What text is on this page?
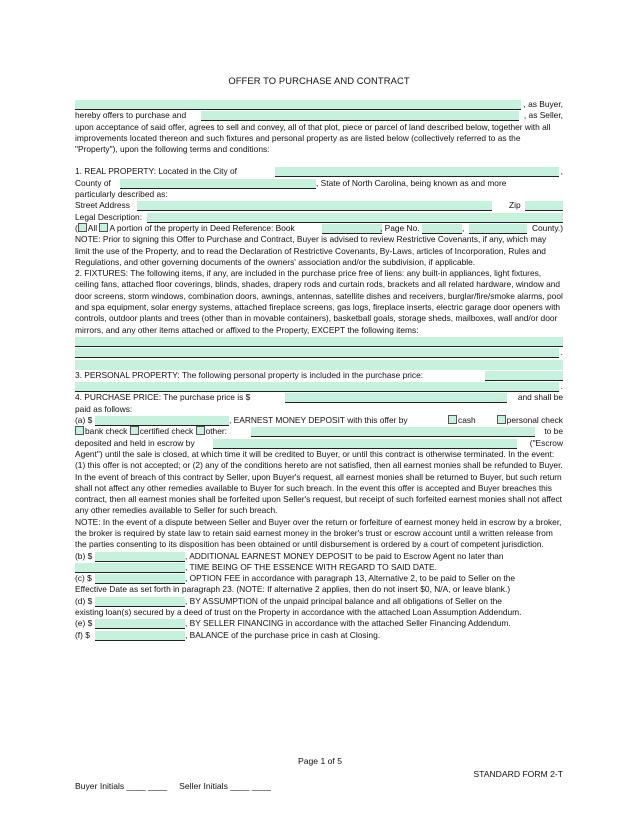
OFFER TO PURCHASE AND CONTRACT
, as Buyer,
hereby offers to purchase and	, as Seller,
upon acceptance of said offer, agrees to sell and convey, all of that plot, piece or parcel of land described below, together with all improvements located thereon and such fixtures and personal property as are listed below (collectively referred to as the "Property"), upon the following terms and conditions:
1. REAL PROPERTY: Located in the City of	,
County of	, State of North Carolina, being known as and more
particularly described as:
Street Address	Zip
Legal Description:
( All A portion of the property in Deed Reference: Book	, Page No.	,	County.)
NOTE: Prior to signing this Offer to Purchase and Contract, Buyer is advised to review Restrictive Covenants, if any, which may limit the use of the Property, and to read the Declaration of Restrictive Covenants, By-Laws, articles of Incorporation, Rules and Regulations, and other governing documents of the owners' association and/or the subdivision, if applicable.
2. FIXTURES: The following items, if any, are included in the purchase price free of liens: any built-in appliances, light fixtures, ceiling fans, attached floor coverings, blinds, shades, drapery rods and curtain rods, brackets and all related hardware, window and door screens, storm windows, combination doors, awnings, antennas, satellite dishes and receivers, burglar/fire/smoke alarms, pool and spa equipment, solar energy systems, attached fireplace screens, gas logs, fireplace inserts, electric garage door openers with controls, outdoor plants and trees (other than in movable containers), basketball goals, storage sheds, mailboxes, wall and/or door mirrors, and any other items attached or affixed to the Property, EXCEPT the following items:
.
3. PERSONAL PROPERTY: The following personal property is included in the purchase price:
.
4. PURCHASE PRICE: The purchase price is $	and shall be
paid as follows:
(a) $	, EARNEST MONEY DEPOSIT with this offer by	cash	personal check
bank check certified check other:	to be
deposited and held in escrow by	("Escrow
Agent") until the sale is closed, at which time it will be credited to Buyer, or until this contract is otherwise terminated. In the event: (1) this offer is not accepted; or (2) any of the conditions hereto are not satisfied, then all earnest monies shall be refunded to Buyer. In the event of breach of this contract by Seller, upon Buyer's request, all earnest monies shall be returned to Buyer, but such return shall not affect any other remedies available to Buyer for such breach. In the event this offer is accepted and Buyer breaches this contract, then all earnest monies shall be forfeited upon Seller's request, but receipt of such forfeited earnest monies shall not affect any other remedies available to Seller for such breach.
NOTE: In the event of a dispute between Seller and Buyer over the return or forfeiture of earnest money held in escrow by a broker, the broker is required by state law to retain said earnest money in the broker's trust or escrow account until a written release from the parties consenting to its disposition has been obtained or until disbursement is ordered by a court of competent jurisdiction.
(b) $	, ADDITIONAL EARNEST MONEY DEPOSIT to be paid to Escrow Agent no later than
, TIME BEING OF THE ESSENCE WITH REGARD TO SAID DATE.
(c) $	, OPTION FEE in accordance with paragraph 13, Alternative 2, to be paid to Seller on the
Effective Date as set forth in paragraph 23. (NOTE: If alternative 2 applies, then do not insert $0, N/A, or leave blank.)
(d) $	, BY ASSUMPTION of the unpaid principal balance and all obligations of Seller on the
existing loan(s) secured by a deed of trust on the Property in accordance with the attached Loan Assumption Addendum.
(e) $	, BY SELLER FINANCING in accordance with the attached Seller Financing Addendum.
(f) $	, BALANCE of the purchase price in cash at Closing.
Page 1 of 5
STANDARD FORM 2-T
Buyer Initials ____ ____ Seller Initials ____ ____
